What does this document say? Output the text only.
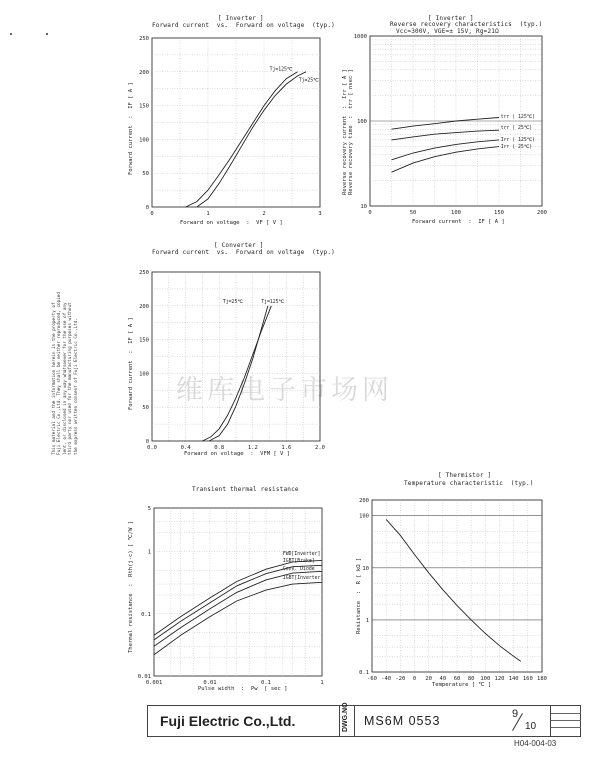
This material and the information herein is the property of
Fuji Electric Co.,Ltd. They shall be neither reproduced, copied
lent, or disclosed in any way whatsoever for the use of any
third party nor used for the manufacturing purposes without
the express written consent of Fuji Electric Co.,Ltd.
维库电子市场网
[ Inverter ]
Forward current  vs.  Forward on voltage  (typ.)
Forward current  :  IF [ A ]
Forward on voltage  :  VF [ V ]
0	1	2	3
0
50
100
150
200
250
Tj=125℃
Tj=25℃
[ Inverter ]
Reverse recovery characteristics  (typ.)
Vcc=300V, VGE=± 15V, Rg=21Ω
Reverse recovery current  :  Irr [ A ]
Reverse recovery time  :  trr [ nsec ]
Forward current  :  IF [ A ]
0	50	100	150	200
10
100
1000
trr ( 125℃)
trr ( 25℃)
Irr ( 125℃)
Irr ( 25℃)
[ Converter ]
Forward current  vs.  Forward on voltage  (typ.)
Forward current  :  IF [ A ]
Forward on voltage  :  VFM [ V ]
0.0	0.4	0.8	1.2	1.6	2.0
0
50
100
150
200
250
Tj=25℃	Tj=125℃
Transient thermal resistance
Thermal resistance  :  Rth(j-c) [ ℃/W ]
Pulse width  :  Pw  [ sec ]
0.001	0.01	0.1	1
0.01
0.1
1
5
FWD[Inverter]
IGBT[Brake]
Conv. Diode
IGBT[Inverter]
[ Thermistor ]
Temperature characteristic  (typ.)
Resistance  :  R [ kΩ ]
Temperature [ ℃ ]
-60 -40 -20 0 20 40 60 80 100 120 140 160 180
0.1
1
10
100
200
Fuji Electric Co.,Ltd.	DWG.NO MS6M 0553	9
10
H04-004-03
